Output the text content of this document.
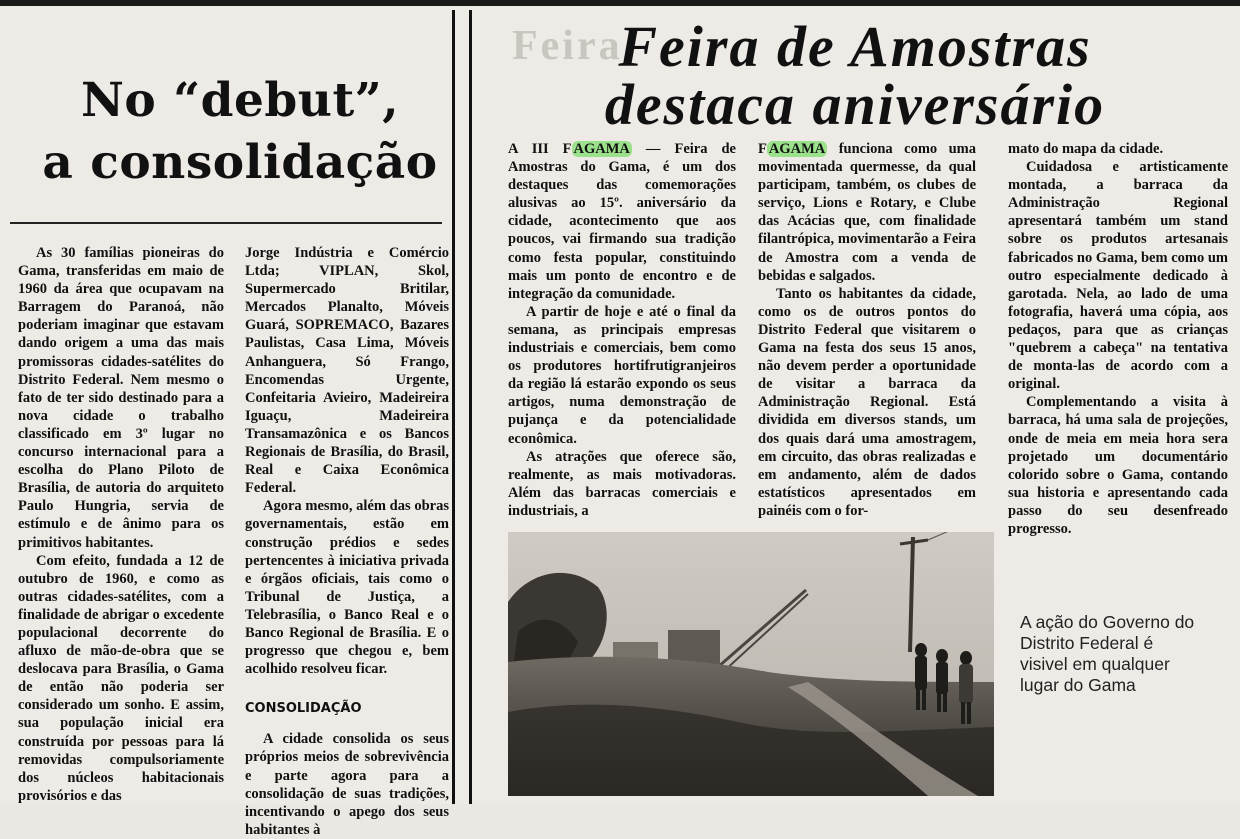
No “debut”,
a consolidação

As 30 famílias pioneiras do Gama, transferidas em maio de 1960 da área que ocupavam na Barragem do Paranoá, não poderiam imaginar que estavam dando origem a uma das mais promissoras cidades-satélites do Distrito Federal. Nem mesmo o fato de ter sido destinado para a nova cidade o trabalho classificado em 3º lugar no concurso internacional para a escolha do Plano Piloto de Brasília, de autoria do arquiteto Paulo Hungria, servia de estímulo e de ânimo para os primitivos habitantes.

Com efeito, fundada a 12 de outubro de 1960, e como as outras cidades-satélites, com a finalidade de abrigar o excedente populacional decorrente do afluxo de mão-de-obra que se deslocava para Brasília, o Gama de então não poderia ser considerado um sonho. E assim, sua população inicial era construída por pessoas para lá removidas compulsoriamente dos núcleos habitacionais provisórios e das

Jorge Indústria e Comércio Ltda; VIPLAN, Skol, Supermercado Britilar, Mercados Planalto, Móveis Guará, SOPREMACO, Bazares Paulistas, Casa Lima, Móveis Anhanguera, Só Frango, Encomendas Urgente, Confeitaria Avieiro, Madeireira Iguaçu, Madeireira Transamazônica e os Bancos Regionais de Brasília, do Brasil, Real e Caixa Econômica Federal.

Agora mesmo, além das obras governamentais, estão em construção prédios e sedes pertencentes à iniciativa privada e órgãos oficiais, tais como o Tribunal de Justiça, a Telebrasília, o Banco Real e o Banco Regional de Brasília. E o progresso que chegou e, bem acolhido resolveu ficar.

CONSOLIDAÇÃO

A cidade consolida os seus próprios meios de sobrevivência e parte agora para a consolidação de suas tradições, incentivando o apego dos seus habitantes à

Feira
Feira de Amostras
destaca aniversário

A III F AGAMA — Feira de Amostras do Gama, é um dos destaques das comemorações alusivas ao 15º. aniversário da cidade, acontecimento que aos poucos, vai firmando sua tradição como festa popular, constituindo mais um ponto de encontro e de integração da comunidade.

A partir de hoje e até o final da semana, as principais empresas industriais e comerciais, bem como os produtores hortifrutigranjeiros da região lá estarão expondo os seus artigos, numa demonstração de pujança e da potencialidade econômica.

As atrações que oferece são, realmente, as mais motivadoras. Além das barracas comerciais e industriais, a

F AGAMA funciona como uma movimentada quermesse, da qual participam, também, os clubes de serviço, Lions e Rotary, e Clube das Acácias que, com finalidade filantrópica, movimentarão a Feira de Amostra com a venda de bebidas e salgados.

Tanto os habitantes da cidade, como os de outros pontos do Distrito Federal que visitarem o Gama na festa dos seus 15 anos, não devem perder a oportunidade de visitar a barraca da Administração Regional. Está dividida em diversos stands, um dos quais dará uma amostragem, em circuito, das obras realizadas e em andamento, além de dados estatísticos apresentados em painéis com o for-

mato do mapa da cidade.

Cuidadosa e artisticamente montada, a barraca da Administração Regional apresentará também um stand sobre os produtos artesanais fabricados no Gama, bem como um outro especialmente dedicado à garotada. Nela, ao lado de uma fotografia, haverá uma cópia, aos pedaços, para que as crianças "quebrem a cabeça" na tentativa de monta-las de acordo com a original.

Complementando a visita à barraca, há uma sala de projeções, onde de meia em meia hora sera projetado um documentário colorido sobre o Gama, contando sua historia e apresentando cada passo do seu desenfreado progresso.

A ação do Governo do Distrito Federal é visivel em qualquer lugar do Gama
